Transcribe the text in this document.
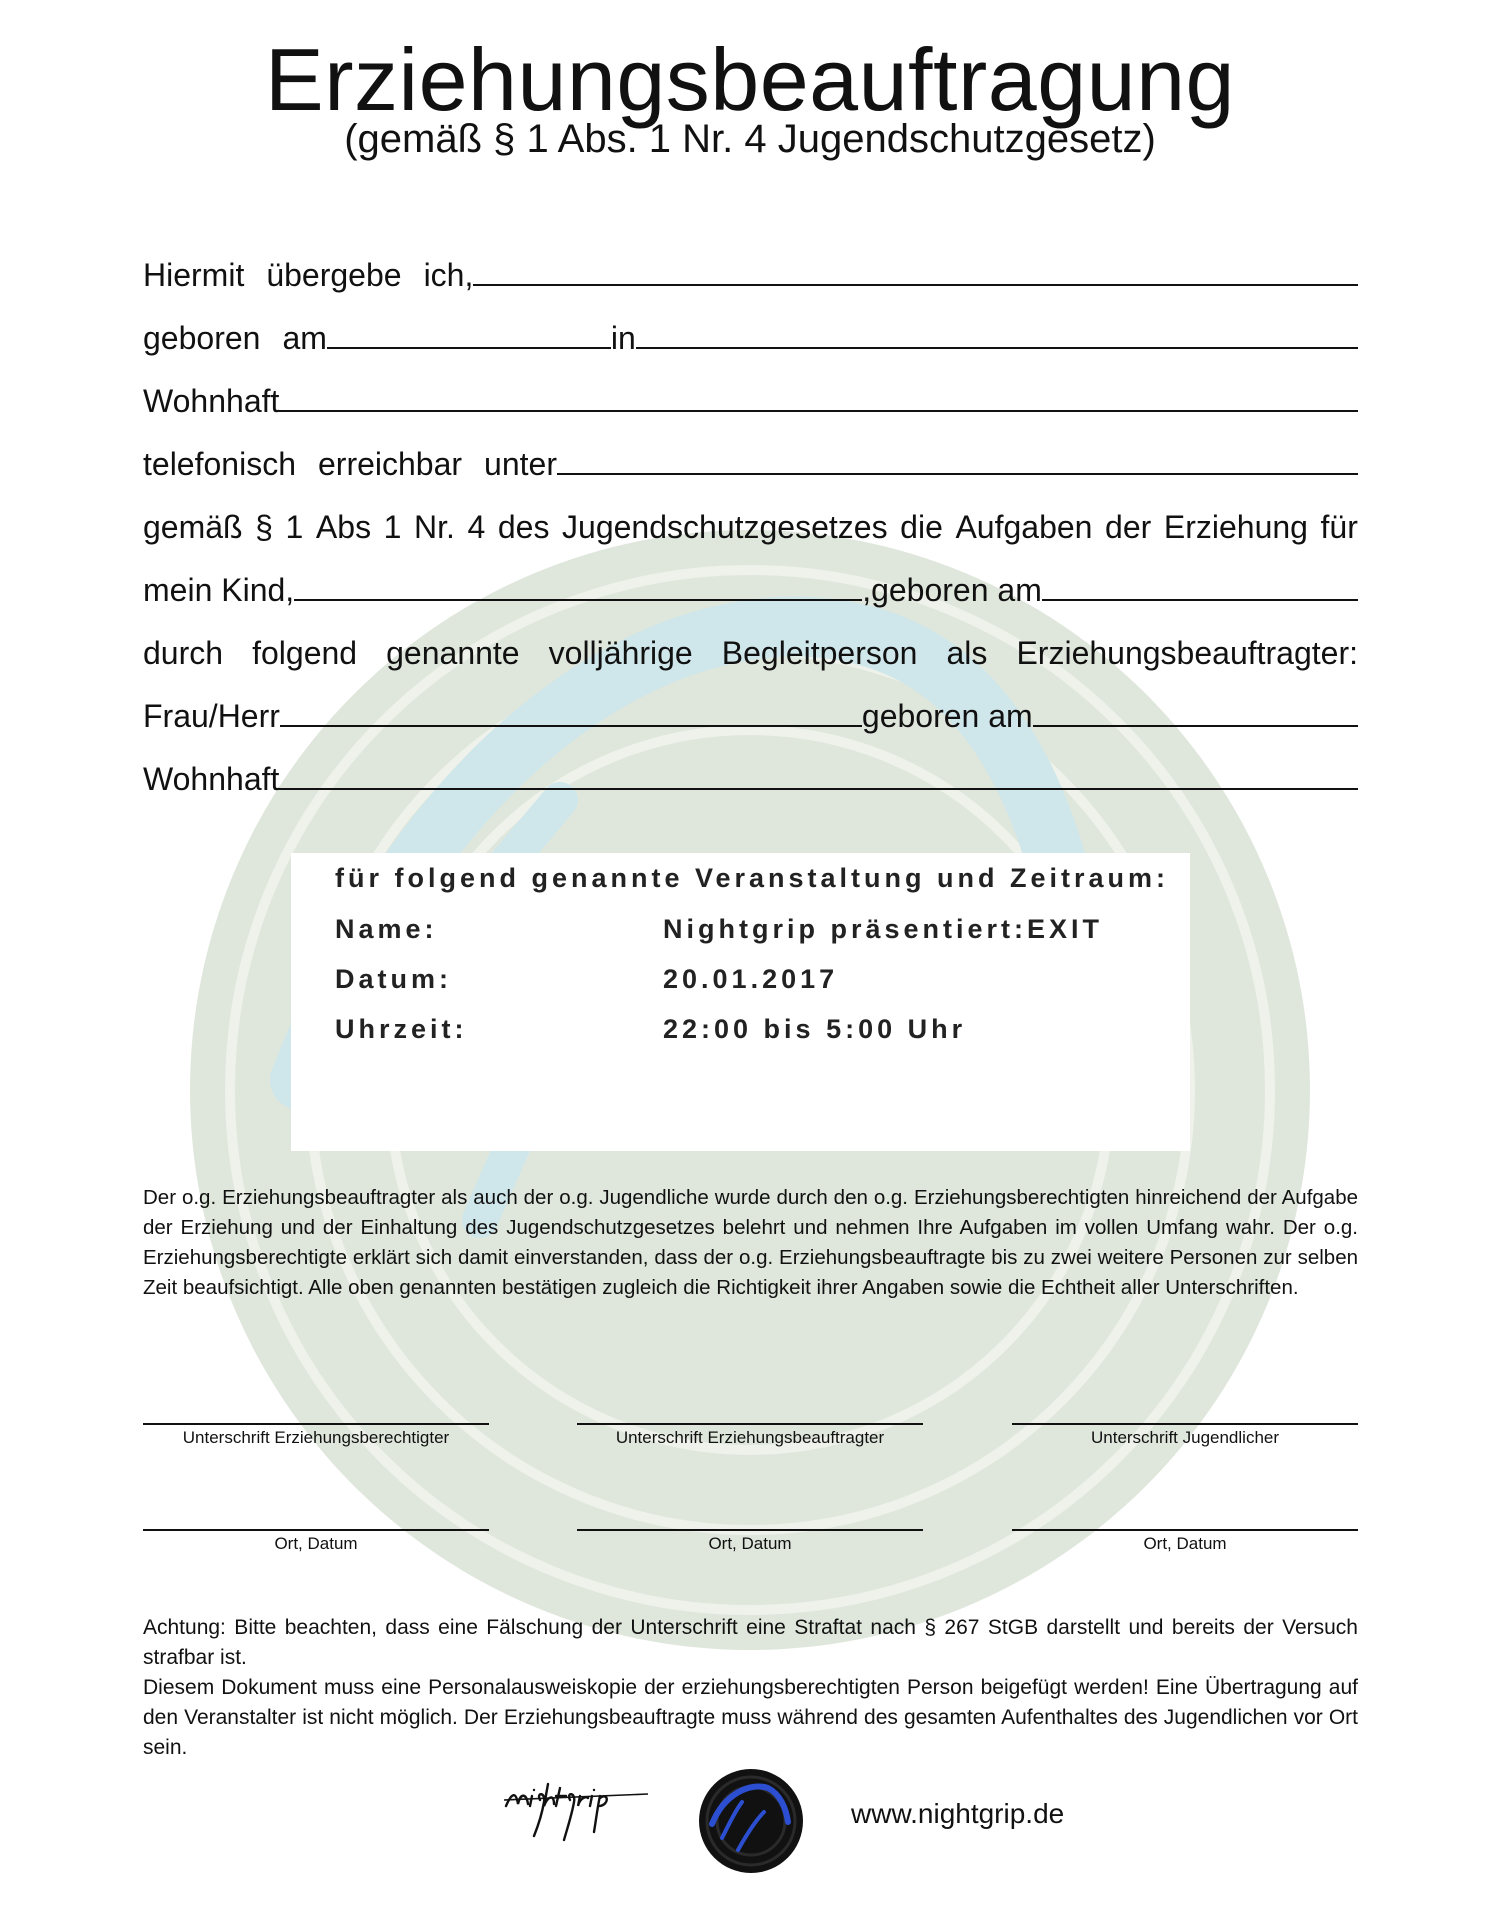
Erziehungsbeauftragung
(gemäß § 1 Abs. 1 Nr. 4 Jugendschutzgesetz)
Hiermit übergebe ich,
geboren am	in
Wohnhaft
telefonisch erreichbar unter
gemäß § 1 Abs 1 Nr. 4 des Jugendschutzgesetzes die Aufgaben der Erziehung für
mein Kind,	,geboren am
durch folgend genannte volljährige Begleitperson als Erziehungsbeauftragter:
Frau/Herr	geboren am
Wohnhaft
für folgend genannte Veranstaltung und Zeitraum:
Name:	Nightgrip präsentiert:EXIT
Datum:	20.01.2017
Uhrzeit:	22:00 bis 5:00 Uhr
Der o.g. Erziehungsbeauftragter als auch der o.g. Jugendliche wurde durch den o.g. Erziehungsberechtigten hinreichend der Aufgabe der Erziehung und der Einhaltung des Jugendschutzgesetzes belehrt und nehmen Ihre Aufgaben im vollen Umfang wahr. Der o.g. Erziehungsberechtigte erklärt sich damit einverstanden, dass der o.g. Erziehungsbeauftragte bis zu zwei weitere Personen zur selben Zeit beaufsichtigt. Alle oben genannten bestätigen zugleich die Richtigkeit ihrer Angaben sowie die Echtheit aller Unterschriften.
Unterschrift Erziehungsberechtigter	Unterschrift Erziehungsbeauftragter	Unterschrift Jugendlicher
Ort, Datum	Ort, Datum	Ort, Datum

Achtung: Bitte beachten, dass eine Fälschung der Unterschrift eine Straftat nach § 267 StGB darstellt und bereits der Versuch strafbar ist.

Diesem Dokument muss eine Personalausweiskopie der erziehungsberechtigten Person beigefügt werden! Eine Übertragung auf den Veranstalter ist nicht möglich. Der Erziehungsbeauftragte muss während des gesamten Aufenthaltes des Jugendlichen vor Ort sein.

www.nightgrip.de
